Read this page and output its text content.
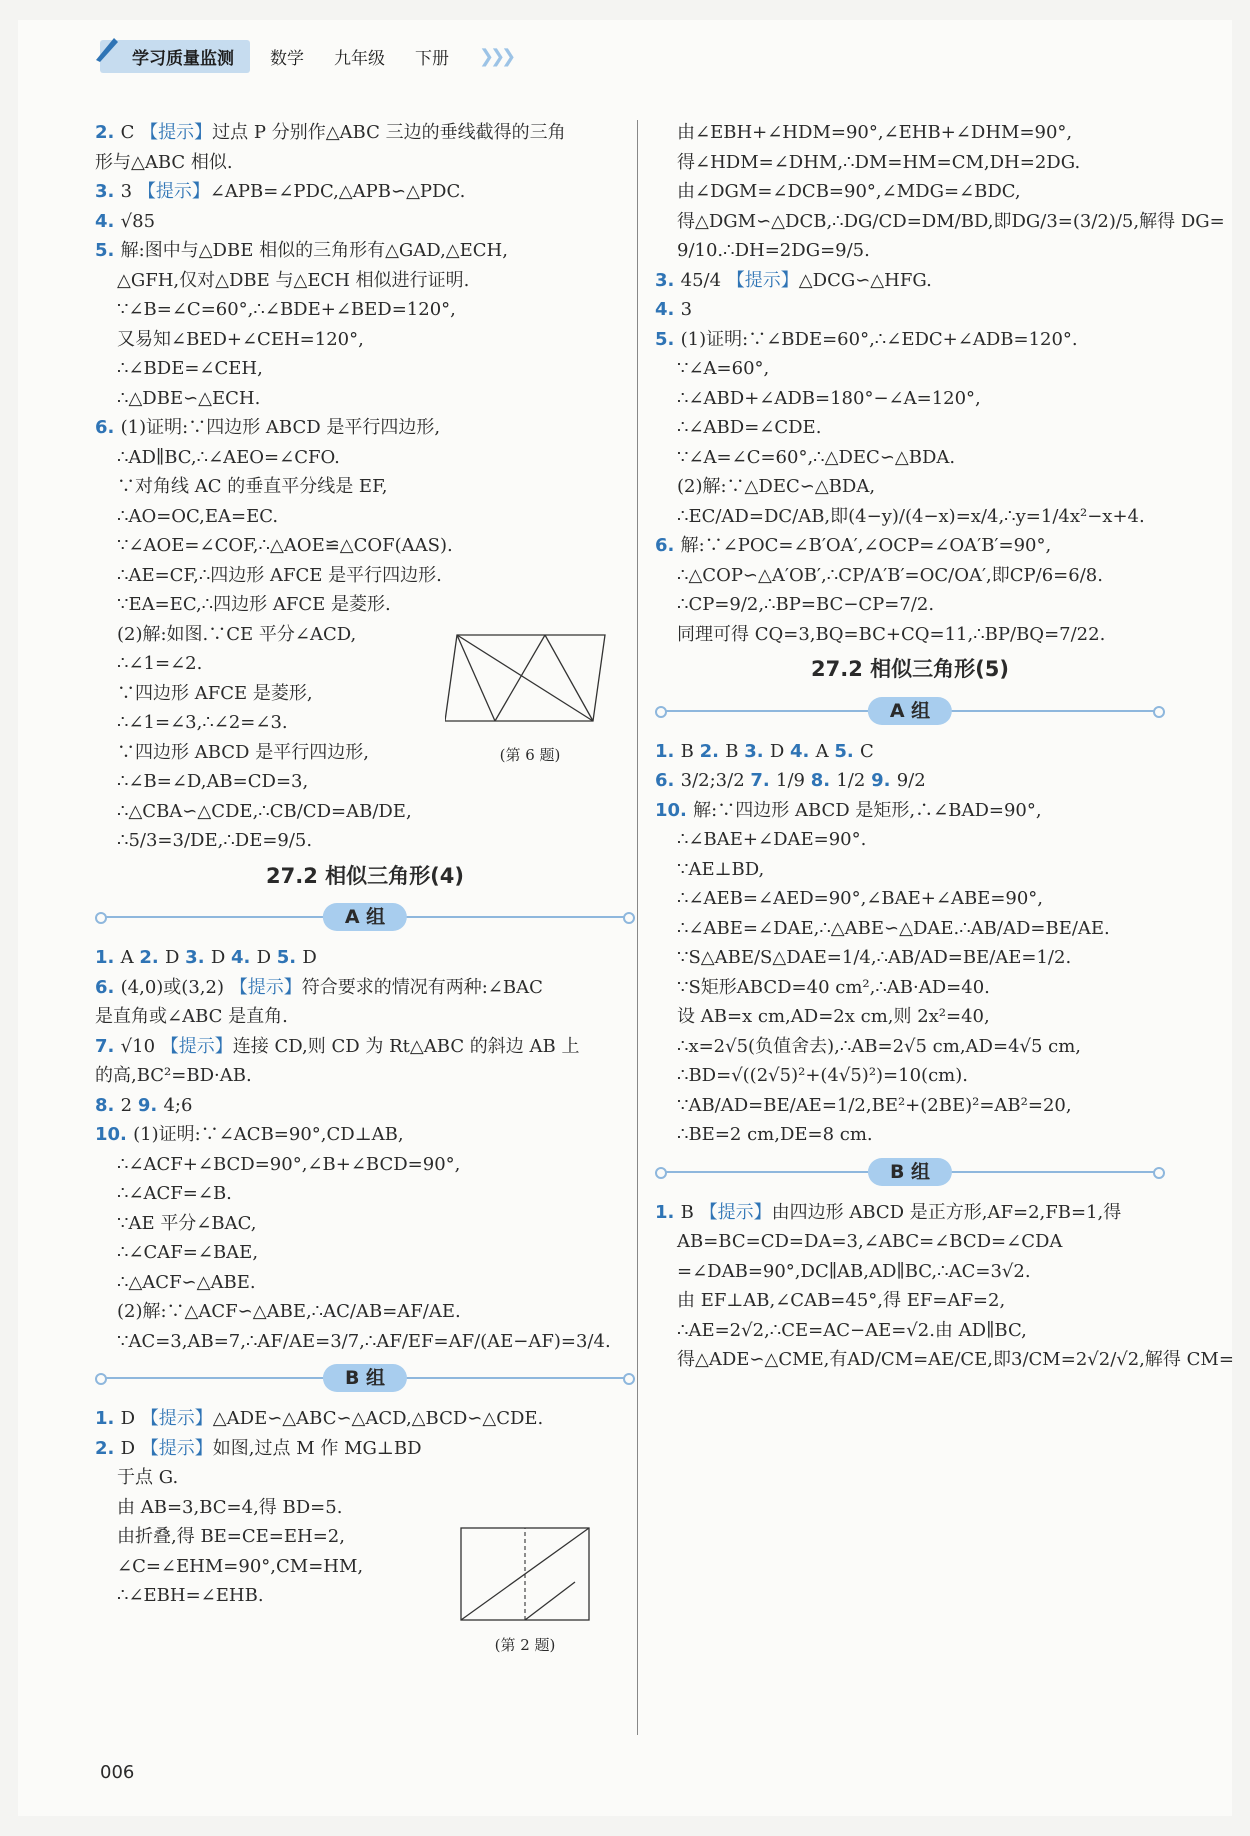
学习质量监测	数学 九年级 下册 ❯❯❯
2. C 【提示】过点 P 分别作△ABC 三边的垂线截得的三角
形与△ABC 相似.
3. 3 【提示】∠APB=∠PDC,△APB∽△PDC.
4. √85
5. 解:图中与△DBE 相似的三角形有△GAD,△ECH,
△GFH,仅对△DBE 与△ECH 相似进行证明.
∵∠B=∠C=60°,∴∠BDE+∠BED=120°,
又易知∠BED+∠CEH=120°,
∴∠BDE=∠CEH,
∴△DBE∽△ECH.
6. (1)证明:∵四边形 ABCD 是平行四边形,
∴AD∥BC,∴∠AEO=∠CFO.
∵对角线 AC 的垂直平分线是 EF,
∴AO=OC,EA=EC.
∵∠AOE=∠COF,∴△AOE≌△COF(AAS).
∴AE=CF,∴四边形 AFCE 是平行四边形.
∵EA=EC,∴四边形 AFCE 是菱形.
(2)解:如图.∵CE 平分∠ACD,
∴∠1=∠2.
∵四边形 AFCE 是菱形,
∴∠1=∠3,∴∠2=∠3.
∵四边形 ABCD 是平行四边形,
∴∠B=∠D,AB=CD=3,
∴△CBA∽△CDE,∴CB/CD=AB/DE,
∴5/3=3/DE,∴DE=9/5.
27.2 相似三角形(4)
A 组
1. A 2. D 3. D 4. D 5. D
6. (4,0)或(3,2) 【提示】符合要求的情况有两种:∠BAC
是直角或∠ABC 是直角.
7. √10 【提示】连接 CD,则 CD 为 Rt△ABC 的斜边 AB 上
的高,BC²=BD·AB.
8. 2 9. 4;6
10. (1)证明:∵∠ACB=90°,CD⊥AB,
∴∠ACF+∠BCD=90°,∠B+∠BCD=90°,
∴∠ACF=∠B.
∵AE 平分∠BAC,
∴∠CAF=∠BAE,
∴△ACF∽△ABE.
(2)解:∵△ACF∽△ABE,∴AC/AB=AF/AE.
∵AC=3,AB=7,∴AF/AE=3/7,∴AF/EF=AF/(AE−AF)=3/4.
B 组
1. D 【提示】△ADE∽△ABC∽△ACD,△BCD∽△CDE.
2. D 【提示】如图,过点 M 作 MG⊥BD
于点 G.
由 AB=3,BC=4,得 BD=5.
由折叠,得 BE=CE=EH=2,
∠C=∠EHM=90°,CM=HM,
∴∠EBH=∠EHB.
(第 6 题)
(第 2 题)
由∠EBH+∠HDM=90°,∠EHB+∠DHM=90°,
得∠HDM=∠DHM,∴DM=HM=CM,DH=2DG.
由∠DGM=∠DCB=90°,∠MDG=∠BDC,
得△DGM∽△DCB,∴DG/CD=DM/BD,即DG/3=(3/2)/5,解得 DG=
9/10.∴DH=2DG=9/5.
3. 45/4 【提示】△DCG∽△HFG.
4. 3
5. (1)证明:∵∠BDE=60°,∴∠EDC+∠ADB=120°.
∵∠A=60°,
∴∠ABD+∠ADB=180°−∠A=120°,
∴∠ABD=∠CDE.
∵∠A=∠C=60°,∴△DEC∽△BDA.
(2)解:∵△DEC∽△BDA,
∴EC/AD=DC/AB,即(4−y)/(4−x)=x/4,∴y=1/4x²−x+4.
6. 解:∵∠POC=∠B′OA′,∠OCP=∠OA′B′=90°,
∴△COP∽△A′OB′,∴CP/A′B′=OC/OA′,即CP/6=6/8.
∴CP=9/2,∴BP=BC−CP=7/2.
同理可得 CQ=3,BQ=BC+CQ=11,∴BP/BQ=7/22.
27.2 相似三角形(5)
A 组
1. B 2. B 3. D 4. A 5. C
6. 3/2;3/2 7. 1/9 8. 1/2 9. 9/2
10. 解:∵四边形 ABCD 是矩形,∴∠BAD=90°,
∴∠BAE+∠DAE=90°.
∵AE⊥BD,
∴∠AEB=∠AED=90°,∠BAE+∠ABE=90°,
∴∠ABE=∠DAE,∴△ABE∽△DAE.∴AB/AD=BE/AE.
∵S△ABE/S△DAE=1/4,∴AB/AD=BE/AE=1/2.
∵S矩形ABCD=40 cm²,∴AB·AD=40.
设 AB=x cm,AD=2x cm,则 2x²=40,
∴x=2√5(负值舍去),∴AB=2√5 cm,AD=4√5 cm,
∴BD=√((2√5)²+(4√5)²)=10(cm).
∵AB/AD=BE/AE=1/2,BE²+(2BE)²=AB²=20,
∴BE=2 cm,DE=8 cm.
B 组
1. B 【提示】由四边形 ABCD 是正方形,AF=2,FB=1,得
AB=BC=CD=DA=3,∠ABC=∠BCD=∠CDA
=∠DAB=90°,DC∥AB,AD∥BC,∴AC=3√2.
由 EF⊥AB,∠CAB=45°,得 EF=AF=2,
∴AE=2√2,∴CE=AC−AE=√2.由 AD∥BC,
得△ADE∽△CME,有AD/CM=AE/CE,即3/CM=2√2/√2,解得 CM=
006
